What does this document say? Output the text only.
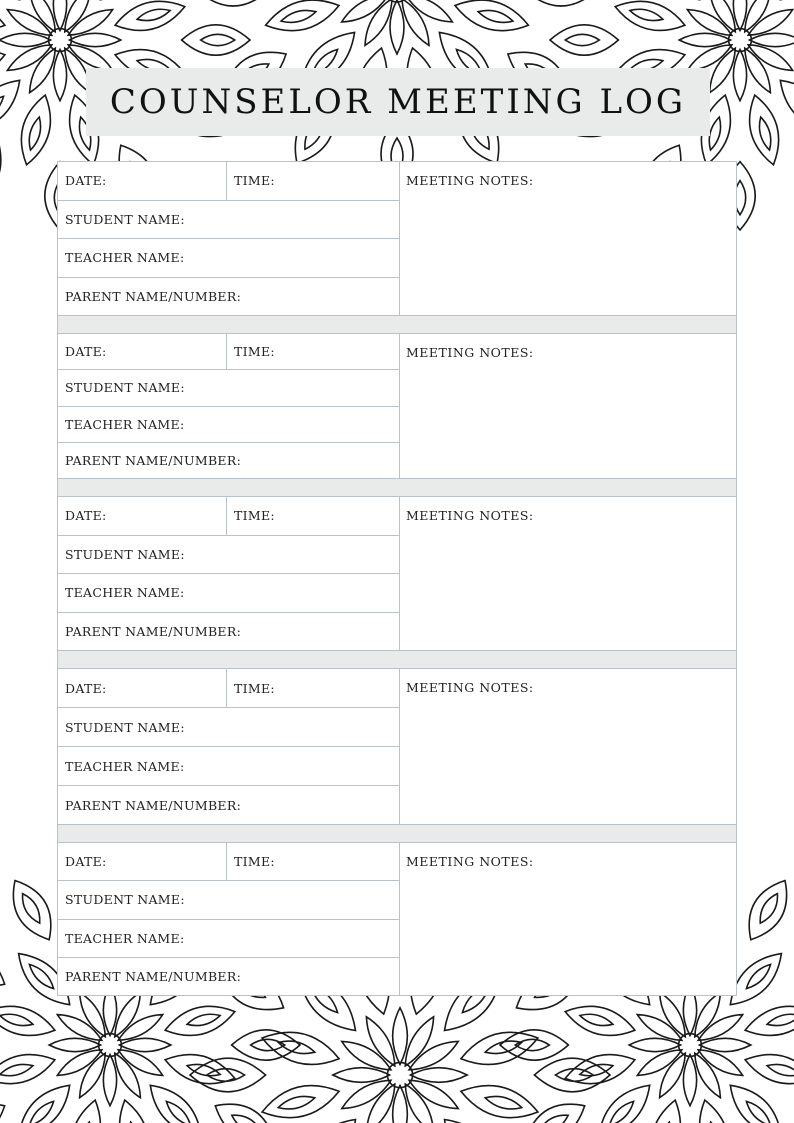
COUNSELOR MEETING LOG
DATE:	TIME:
STUDENT NAME:
TEACHER NAME:
PARENT NAME/NUMBER:
MEETING NOTES:
DATE:	TIME:
STUDENT NAME:
TEACHER NAME:
PARENT NAME/NUMBER:
MEETING NOTES:
DATE:	TIME:
STUDENT NAME:
TEACHER NAME:
PARENT NAME/NUMBER:
MEETING NOTES:
DATE:	TIME:
STUDENT NAME:
TEACHER NAME:
PARENT NAME/NUMBER:
MEETING NOTES:
DATE:	TIME:
STUDENT NAME:
TEACHER NAME:
PARENT NAME/NUMBER:
MEETING NOTES:
